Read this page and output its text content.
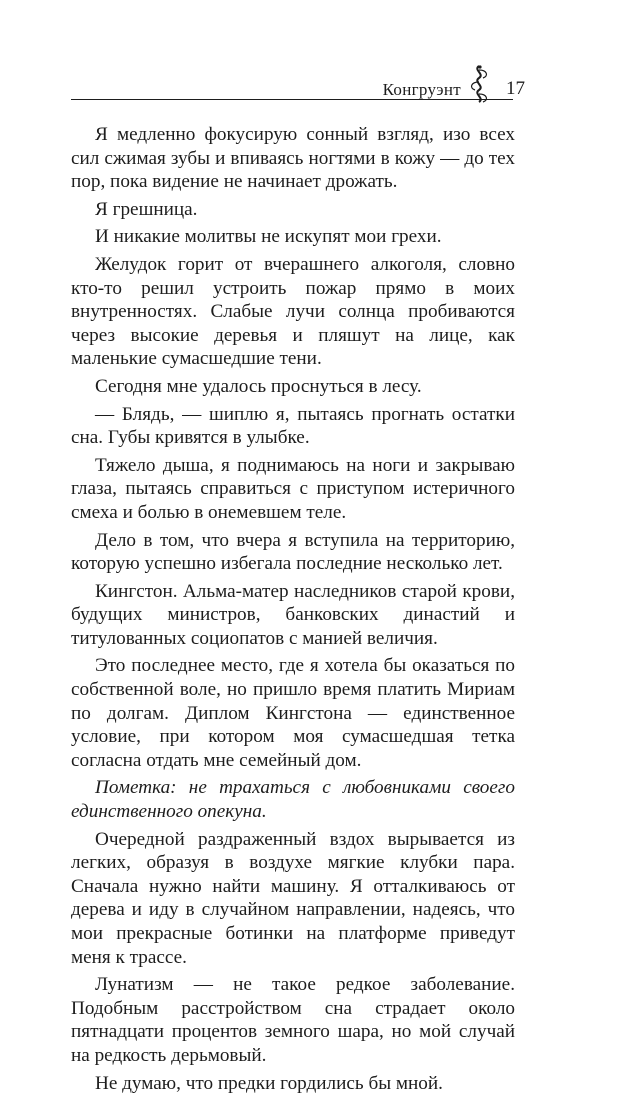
Конгруэнт 17

Я медленно фокусирую сонный взгляд, изо всех сил сжимая зубы и впиваясь ногтями в кожу — до тех пор, пока видение не начинает дрожать.

Я грешница.

И никакие молитвы не искупят мои грехи.

Желудок горит от вчерашнего алкоголя, словно кто-то решил устроить пожар прямо в моих внутренностях. Слабые лучи солнца пробиваются через высокие деревья и пляшут на лице, как маленькие сумасшедшие тени.

Сегодня мне удалось проснуться в лесу.

— Блядь, — шиплю я, пытаясь прогнать остатки сна. Губы кривятся в улыбке.

Тяжело дыша, я поднимаюсь на ноги и закрываю глаза, пытаясь справиться с приступом истеричного смеха и болью в онемевшем теле.

Дело в том, что вчера я вступила на территорию, которую успешно избегала последние несколько лет.

Кингстон. Альма-матер наследников старой крови, будущих министров, банковских династий и титулованных социопатов с манией величия.

Это последнее место, где я хотела бы оказаться по собственной воле, но пришло время платить Мириам по долгам. Диплом Кингстона — единственное условие, при котором моя сумасшедшая тетка согласна отдать мне семейный дом.

Пометка: не трахаться с любовниками своего единственного опекуна.

Очередной раздраженный вздох вырывается из легких, образуя в воздухе мягкие клубки пара. Сначала нужно найти машину. Я отталкиваюсь от дерева и иду в случайном направлении, надеясь, что мои прекрасные ботинки на платформе приведут меня к трассе.

Лунатизм — не такое редкое заболевание. Подобным расстройством сна страдает около пятнадцати процентов земного шара, но мой случай на редкость дерьмовый.

Не думаю, что предки гордились бы мной.
